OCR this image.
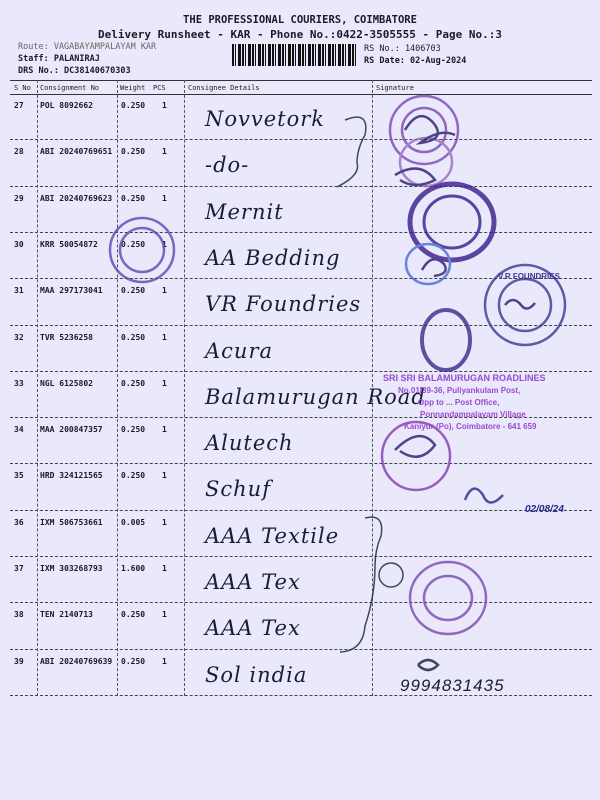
THE PROFESSIONAL COURIERS, COIMBATORE
Delivery Runsheet - KAR - Phone No.:0422-3505555 - Page No.:3
Route: VAGABAYAMPALAYAM KAR
Staff: PALANIRAJ
DRS No.: DC38140670303
RS No.: 1406703
RS Date: 02-Aug-2024
S No Consignment No	Weight PCS	Consignee Details	Signature
27 POL 8092662	0.250 1
Novvetork
28 ABI 20240769651 0.250 1
-do-
29 ABI 20240769623 0.250 1
Mernit
30 KRR 50054872	0.250 1
AA Bedding
31 MAA 297173041 0.250 1
VR Foundries
32 TVR 5236258	0.250 1
Acura
33 NGL 6125802	0.250 1
Balamurugan Road
34 MAA 200847357 0.250 1
Alutech
35 HRD 324121565 0.250 1
Schuf
36 IXM 506753661 0.005 1
AAA Textile
37 IXM 303268793 1.600 1
AAA Tex
38 TEN 2140713	0.250 1
AAA Tex
39 ABI 20240769639 0.250 1
Sol india
SRI SRI BALAMURUGAN ROADLINES
No.01/39-36, Puliyankulam Post,
Opp to ... Post Office,
Ponnandampalayam Village
Kaniyur (Po), Coimbatore - 641 659
V.R FOUNDRIES
02/08/24
9994831435
